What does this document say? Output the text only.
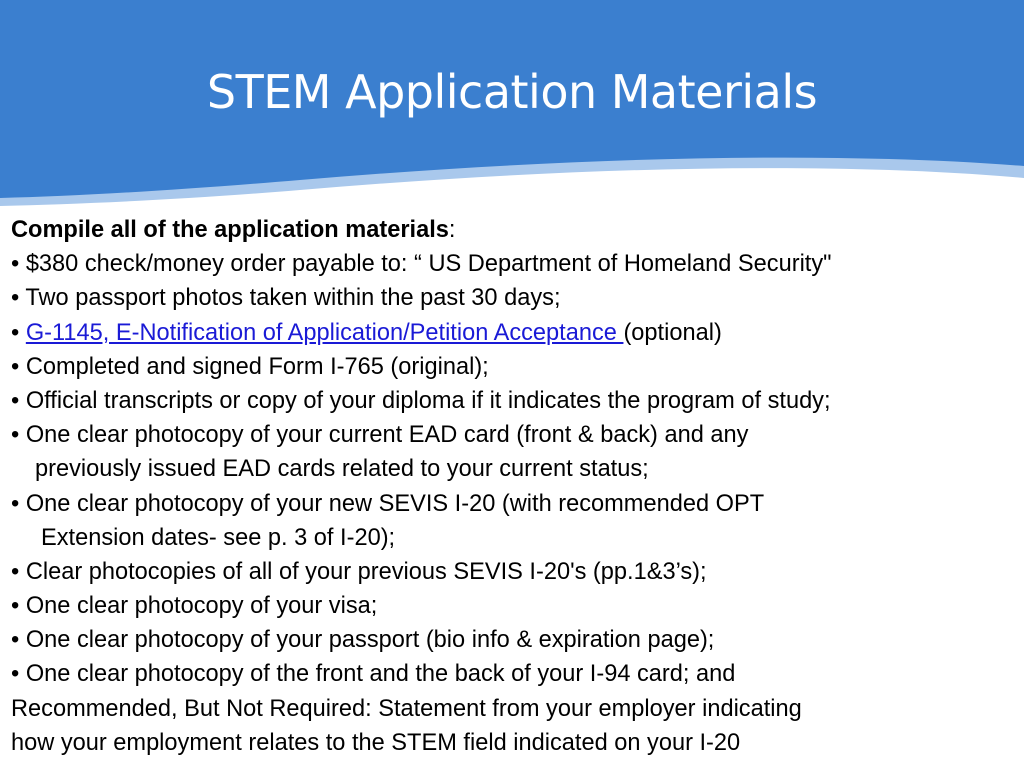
STEM Application Materials
Compile all of the application materials:
• $380 check/money order payable to: “ US Department of Homeland Security"
• Two passport photos taken within the past 30 days;
• G-1145, E-Notification of Application/Petition Acceptance (optional)
• Completed and signed Form I-765 (original);
• Official transcripts or copy of your diploma if it indicates the program of study;
• One clear photocopy of your current EAD card (front & back) and any
previously issued EAD cards related to your current status;
• One clear photocopy of your new SEVIS I-20 (with recommended OPT
Extension dates- see p. 3 of I-20);
• Clear photocopies of all of your previous SEVIS I-20's (pp.1&3’s);
• One clear photocopy of your visa;
• One clear photocopy of your passport (bio info & expiration page);
• One clear photocopy of the front and the back of your I-94 card; and
Recommended, But Not Required: Statement from your employer indicating
how your employment relates to the STEM field indicated on your I-20
